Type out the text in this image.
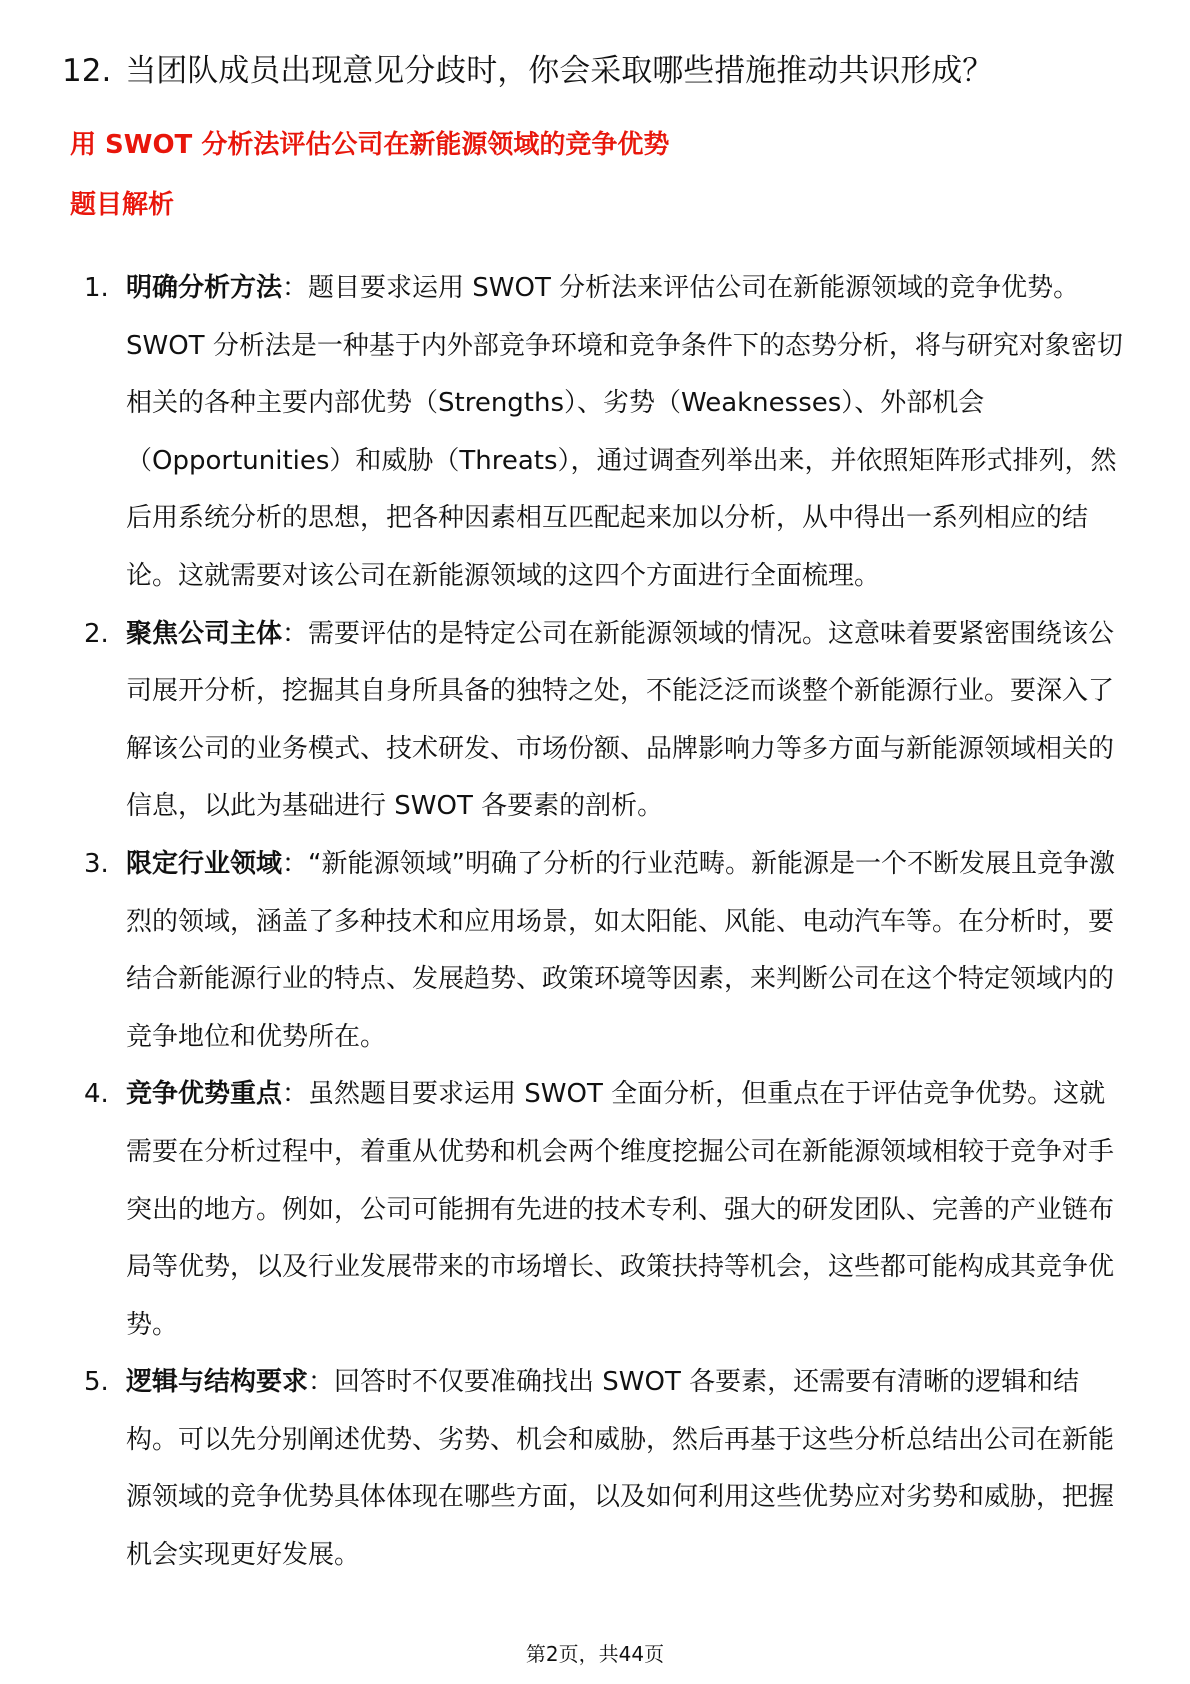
12. 当团队成员出现意见分歧时，你会采取哪些措施推动共识形成？
用 SWOT 分析法评估公司在新能源领域的竞争优势
题目解析
1. 明确分析方法：题目要求运用 SWOT 分析法来评估公司在新能源领域的竞争优势。SWOT 分析法是一种基于内外部竞争环境和竞争条件下的态势分析，将与研究对象密切相关的各种主要内部优势（Strengths）、劣势（Weaknesses）、外部机会（Opportunities）和威胁（Threats），通过调查列举出来，并依照矩阵形式排列，然后用系统分析的思想，把各种因素相互匹配起来加以分析，从中得出一系列相应的结论。这就需要对该公司在新能源领域的这四个方面进行全面梳理。
2. 聚焦公司主体：需要评估的是特定公司在新能源领域的情况。这意味着要紧密围绕该公司展开分析，挖掘其自身所具备的独特之处，不能泛泛而谈整个新能源行业。要深入了解该公司的业务模式、技术研发、市场份额、品牌影响力等多方面与新能源领域相关的信息，以此为基础进行 SWOT 各要素的剖析。
3. 限定行业领域：“新能源领域”明确了分析的行业范畴。新能源是一个不断发展且竞争激烈的领域，涵盖了多种技术和应用场景，如太阳能、风能、电动汽车等。在分析时，要结合新能源行业的特点、发展趋势、政策环境等因素，来判断公司在这个特定领域内的竞争地位和优势所在。
4. 竞争优势重点：虽然题目要求运用 SWOT 全面分析，但重点在于评估竞争优势。这就需要在分析过程中，着重从优势和机会两个维度挖掘公司在新能源领域相较于竞争对手突出的地方。例如，公司可能拥有先进的技术专利、强大的研发团队、完善的产业链布局等优势，以及行业发展带来的市场增长、政策扶持等机会，这些都可能构成其竞争优势。
5. 逻辑与结构要求：回答时不仅要准确找出 SWOT 各要素，还需要有清晰的逻辑和结构。可以先分别阐述优势、劣势、机会和威胁，然后再基于这些分析总结出公司在新能源领域的竞争优势具体体现在哪些方面，以及如何利用这些优势应对劣势和威胁，把握机会实现更好发展。
第2页，共44页
